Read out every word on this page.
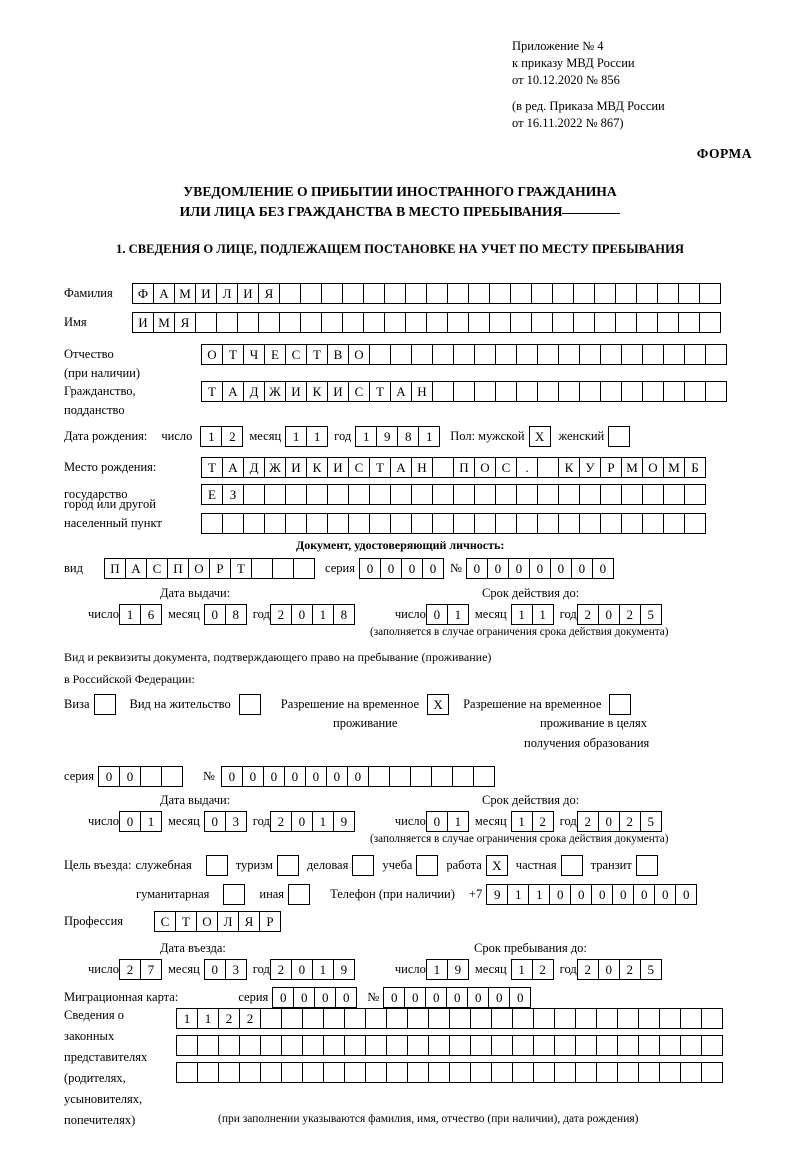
Приложение № 4
к приказу МВД России
от 10.12.2020 № 856
(в ред. Приказа МВД России
от 16.11.2022 № 867)
ФОРМА
УВЕДОМЛЕНИЕ О ПРИБЫТИИ ИНОСТРАННОГО ГРАЖДАНИНА
ИЛИ ЛИЦА БЕЗ ГРАЖДАНСТВА В МЕСТО ПРЕБЫВАНИЯ
1. СВЕДЕНИЯ О ЛИЦЕ, ПОДЛЕЖАЩЕМ ПОСТАНОВКЕ НА УЧЕТ ПО МЕСТУ ПРЕБЫВАНИЯ
Фамилия	Ф А М И Л И Я
Имя	И М Я
Отчество	О Т Ч Е С Т В О
(при наличии)
Гражданство,	Т А Д Ж И К И С Т А Н
подданство
Дата рождения: число	1	2	месяц 1	1	год 1	9	8	1	Пол: мужской Х	женский
Место рождения:	Т А Д Ж И К И С Т А Н	П О С	.	К У Р М О М Б
государство	Е	З
город или другой
населенный пункт
Документ, удостоверяющий личность:
вид	П А С П О Р	Т	серия 0	0	0	0	№ 0	0	0	0	0	0	0
Дата выдачи:	Срок действия до:
число 1	6	месяц 0	8	год 2	0	1	8	число 0	1	месяц 1	1	год 2	0	2	5
(заполняется в случае ограничения срока действия документа)
Вид и реквизиты документа, подтверждающего право на пребывание (проживание)
в Российской Федерации:
Виза	Вид на жительство	Разрешение на временное	Х	Разрешение на временное
проживание	проживание в целях
получения образования
серия 0	0	№	0	0	0	0	0	0	0
Дата выдачи:	Срок действия до:
число 0	1	месяц 0	3	год 2	0	1	9	число 0	1	месяц 1	2	год 2	0	2	5
(заполняется в случае ограничения срока действия документа)
Цель въезда: служебная	туризм	деловая	учеба	работа Х	частная	транзит
гуманитарная	иная	Телефон (при наличии) +7 9	1	1	0	0	0	0	0	0	0
Профессия	С Т О Л Я	Р
Дата въезда:	Срок пребывания до:
число 2	7	месяц 0	3	год 2	0	1	9	число 1	9	месяц 1	2	год 2	0	2	5
Миграционная карта:	серия 0	0	0	0	№ 0	0	0	0	0	0	0
Сведения о
законных
представителях
(родителях,
усыновителях,
попечителях)
1	1	2	2
(при заполнении указываются фамилия, имя, отчество (при наличии), дата рождения)
